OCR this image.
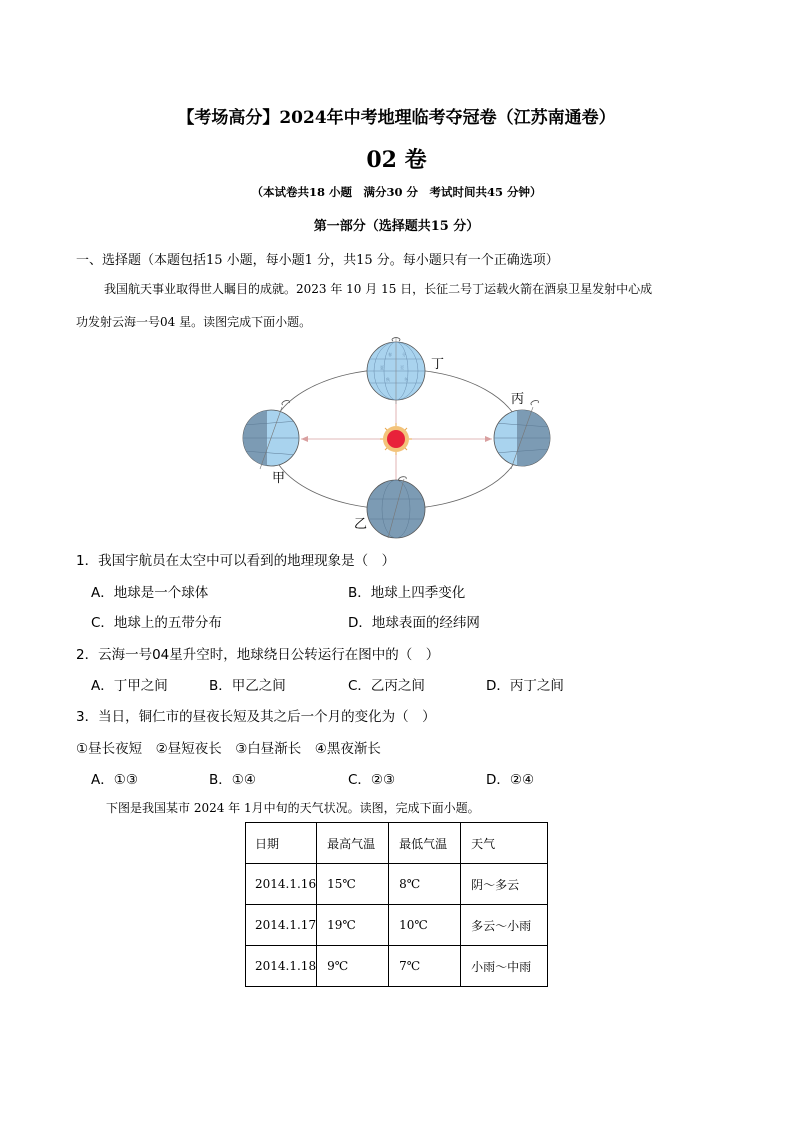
【考场高分】2024年中考地理临考夺冠卷（江苏南通卷）
02 卷
（本试卷共18 小题　满分30 分　考试时间共45 分钟）
第一部分（选择题共15 分）
一、选择题（本题包括15 小题，每小题1 分，共15 分。每小题只有一个正确选项）
我国航天事业取得世人瞩目的成就。2023 年 10 月 15 日，长征二号丁运载火箭在酒泉卫星发射中心成
功发射云海一号04 星。读图完成下面小题。
春	分
夏	至
秋	冬
丁
丙
甲
乙
1．我国宇航员在太空中可以看到的地理现象是（　）
A．地球是一个球体	B．地球上四季变化
C．地球上的五带分布	D．地球表面的经纬网
2．云海一号04星升空时，地球绕日公转运行在图中的（　）
A．丁甲之间	B．甲乙之间	C．乙丙之间	D．丙丁之间
3．当日，铜仁市的昼夜长短及其之后一个月的变化为（　）
①昼长夜短　②昼短夜长　③白昼渐长　④黑夜渐长
A．①③	B．①④	C．②③	D．②④
下图是我国某市 2024 年 1月中旬的天气状况。读图，完成下面小题。
日期	最高气温	最低气温	天气
2014.1.16	15℃	8℃	阴～多云
2014.1.17	19℃	10℃	多云～小雨
2014.1.18	9℃	7℃	小雨～中雨
